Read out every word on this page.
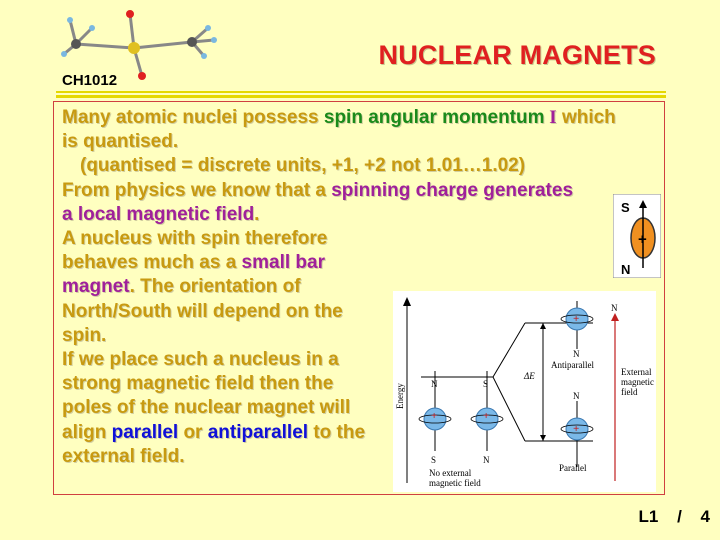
CH1012
NUCLEAR MAGNETS

Many atomic nuclei possess spin angular momentum I which is quantised.
(quantised = discrete units, +1, +2 not 1.01…1.02)

From physics we know that a spinning charge generates a local magnetic field.

A nucleus with spin therefore behaves much as a small bar magnet. The orientation of North/South will depend on the spin.

If we place such a nucleus in a strong magnetic field then the poles of the nuclear magnet will align parallel or antiparallel to the external field.

S
N
+
Energy
ΔE
+
N
S
+
S
N
No external magnetic field
+
N
Antiparallel
+
N
Parallel
N
External magnetic field
L1 / 4
